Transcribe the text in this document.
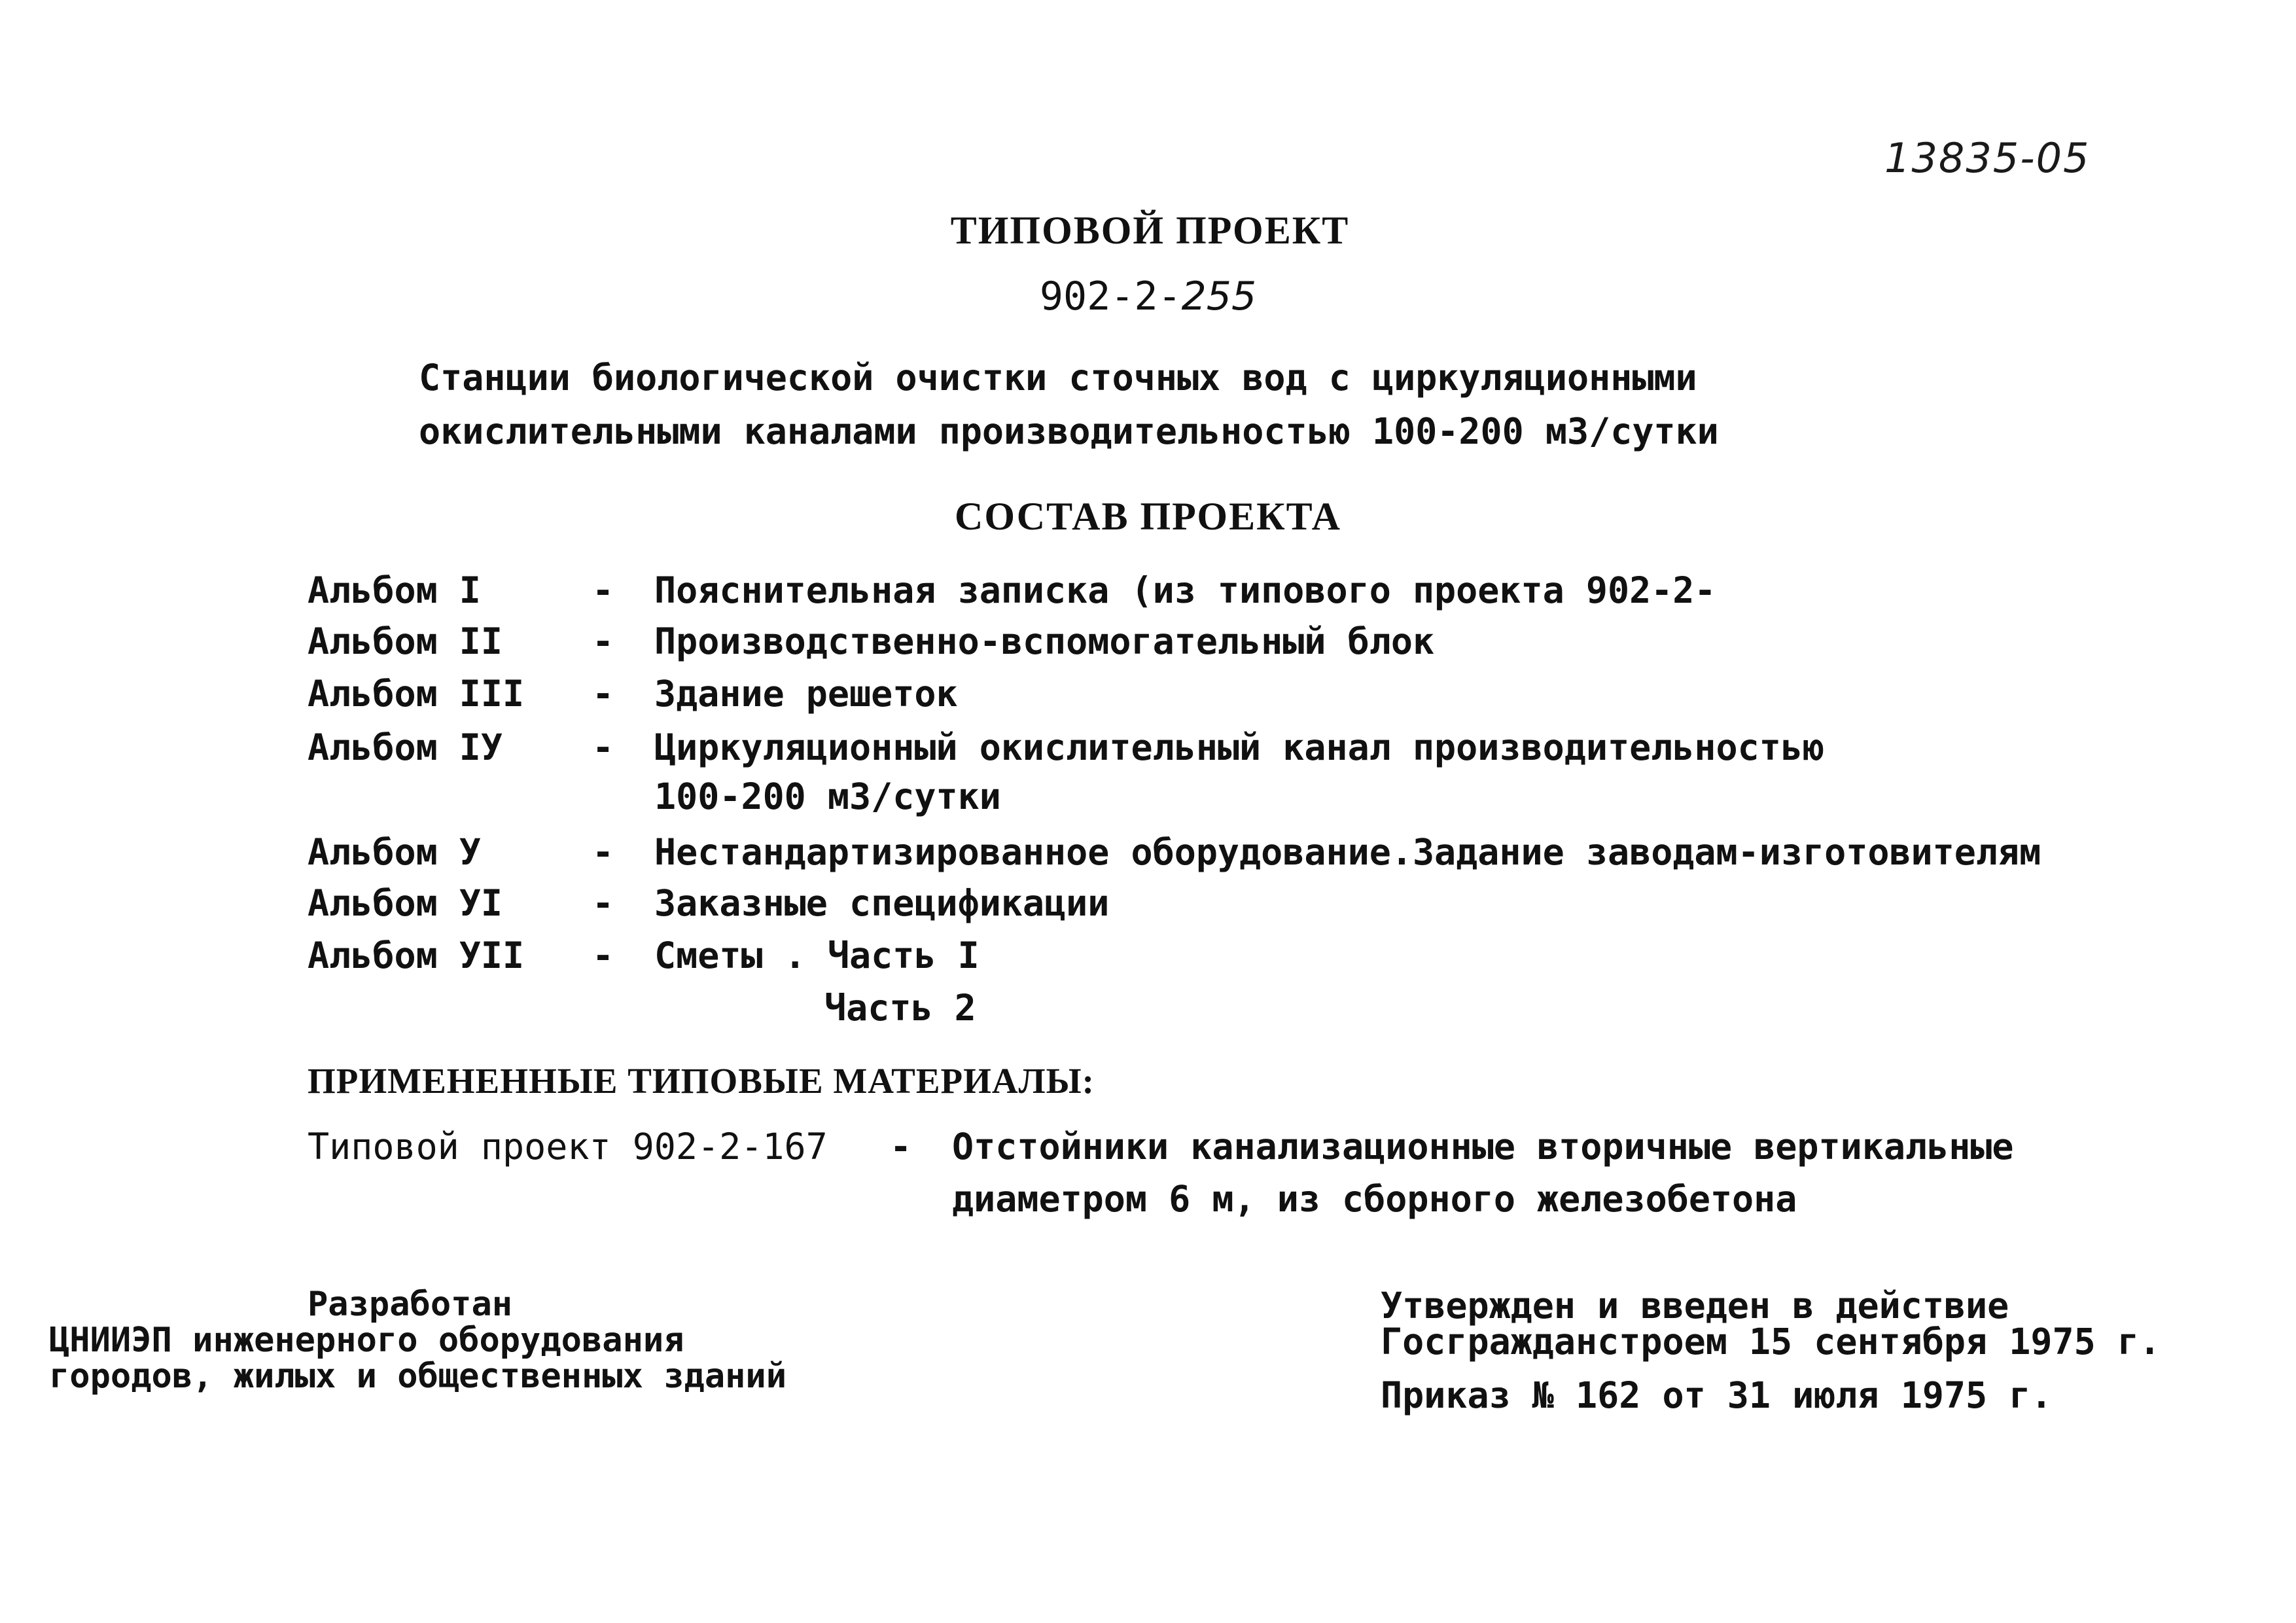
13835-05
ТИПОВОЙ ПРОЕКТ
902-2-255
Станции биологической очистки сточных вод с циркуляционными
окислительными каналами производительностью 100-200 м3/сутки
СОСТАВ ПРОЕКТА
Альбом I	- Пояснительная записка (из типового проекта 902-2-
Альбом II - Производственно-вспомогательный блок
Альбом III - Здание решеток
Альбом IУ - Циркуляционный окислительный канал производительностью
100-200 м3/сутки
Альбом У	- Нестандартизированное оборудование.Задание заводам-изготовителям
Альбом УI - Заказные спецификации
Альбом УII - Сметы . Часть I
Часть 2
ПРИМЕНЕННЫЕ ТИПОВЫЕ МАТЕРИАЛЫ:
Типовой проект 902-2-167 - Отстойники канализационные вторичные вертикальные
диаметром 6 м, из сборного железобетона
Разработан
ЦНИИЭП инженерного оборудования
городов, жилых и общественных зданий
Утвержден и введен в действие
Госгражданстроем 15 сентября 1975 г.
Приказ № 162 от 31 июля 1975 г.
